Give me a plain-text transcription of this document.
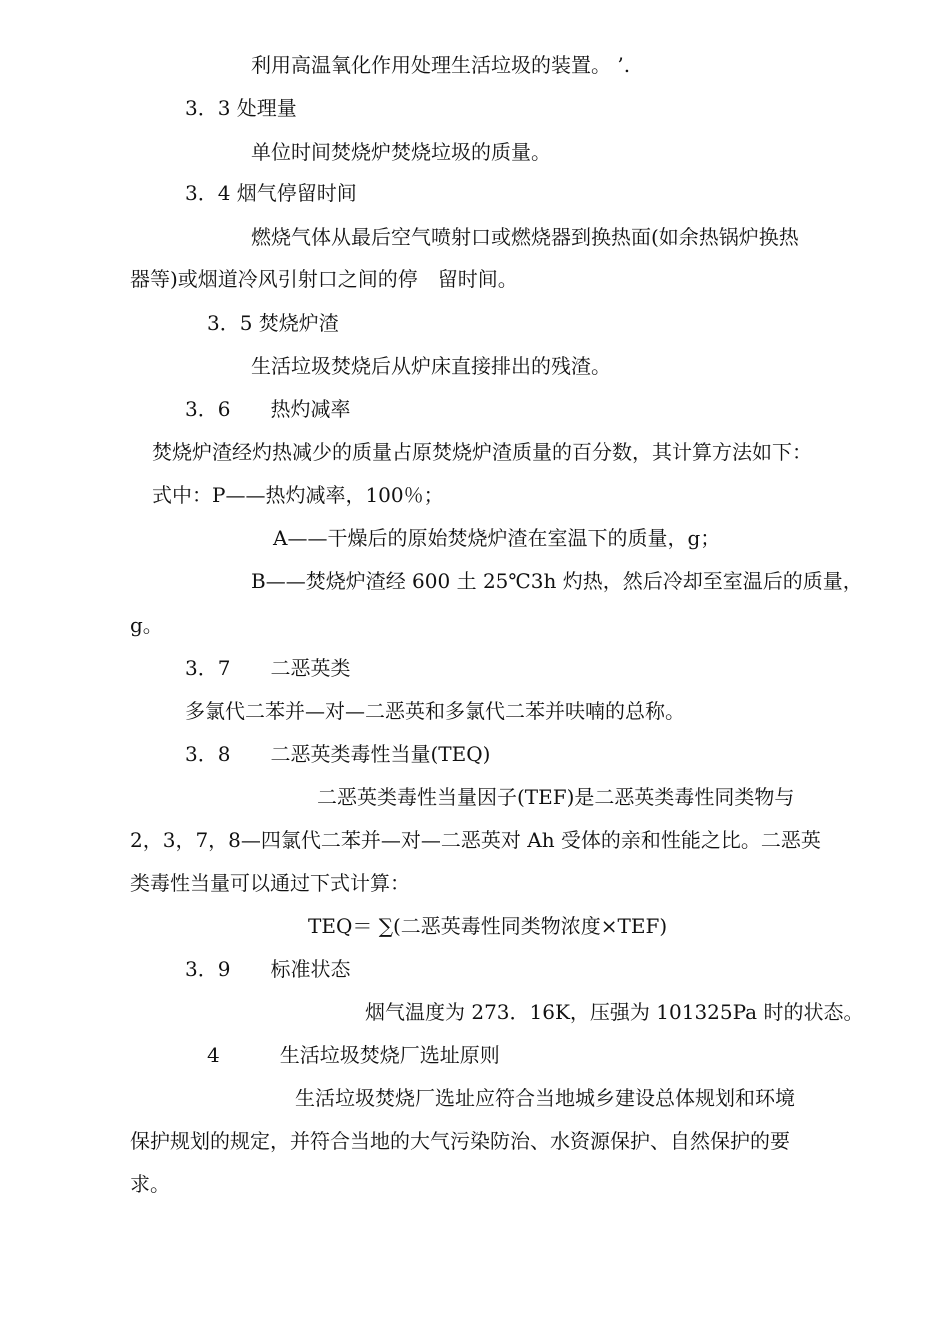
利用高温氧化作用处理生活垃圾的装置。 ’.
3．3 处理量
单位时间焚烧炉焚烧垃圾的质量。
3．4 烟气停留时间
燃烧气体从最后空气喷射口或燃烧器到换热面(如余热锅炉换热
器等)或烟道冷风引射口之间的停　留时间。
3．5 焚烧炉渣
生活垃圾焚烧后从炉床直接排出的残渣。
3．6　　热灼减率
焚烧炉渣经灼热减少的质量占原焚烧炉渣质量的百分数，其计算方法如下：
式中：P——热灼减率，100％；
A——干燥后的原始焚烧炉渣在室温下的质量，g；
B——焚烧炉渣经 600 土 25℃3h 灼热，然后冷却至室温后的质量，
g。
3．7　　二恶英类
多氯代二苯并—对—二恶英和多氯代二苯并呋喃的总称。
3．8　　二恶英类毒性当量(TEQ)
二恶英类毒性当量因子(TEF)是二恶英类毒性同类物与
2，3，7，8—四氯代二苯并—对—二恶英对 Ah 受体的亲和性能之比。二恶英
类毒性当量可以通过下式计算：
TEQ＝ ∑(二恶英毒性同类物浓度×TEF)
3．9　　标准状态
烟气温度为 273．16K，压强为 101325Pa 时的状态。
4　　　生活垃圾焚烧厂选址原则
生活垃圾焚烧厂选址应符合当地城乡建设总体规划和环境
保护规划的规定，并符合当地的大气污染防治、水资源保护、自然保护的要
求。
